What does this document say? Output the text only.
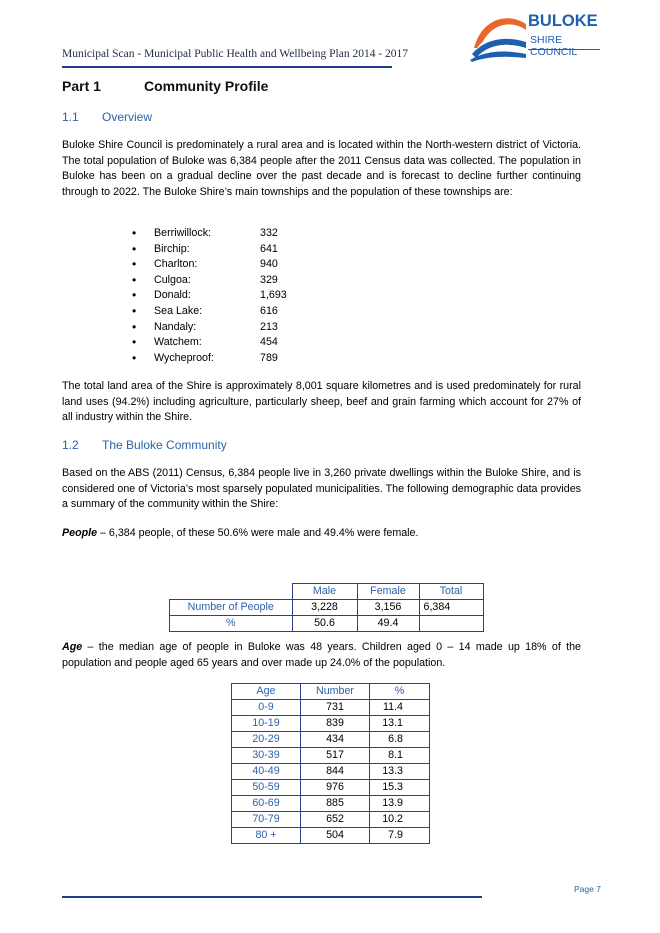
Municipal Scan - Municipal Public Health and Wellbeing Plan 2014 - 2017
BULOKE
SHIRE COUNCIL
Part 1	Community Profile
1.1 Overview
Buloke Shire Council is predominately a rural area and is located within the North-western district of Victoria. The total population of Buloke was 6,384 people after the 2011 Census data was collected. The population in Buloke has been on a gradual decline over the past decade and is forecast to decline further continuing through to 2022. The Buloke Shire’s main townships and the population of these townships are:
• Berriwillock:	332
• Birchip:	641
• Charlton:	940
• Culgoa:	329
• Donald:	1,693
• Sea Lake:	616
• Nandaly:	213
• Watchem:	454
• Wycheproof:	789
The total land area of the Shire is approximately 8,001 square kilometres and is used predominately for rural land uses (94.2%) including agriculture, particularly sheep, beef and grain farming which account for 27% of all industry within the Shire.
1.2 The Buloke Community
Based on the ABS (2011) Census, 6,384 people live in 3,260 private dwellings within the Buloke Shire, and is considered one of Victoria’s most sparsely populated municipalities. The following demographic data provides a summary of the community within the Shire:
People – 6,384 people, of these 50.6% were male and 49.4% were female.
	Male	Female	Total
Number of People	3,228	3,156	6,384
%	50.6	49.4	
Age – the median age of people in Buloke was 48 years. Children aged 0 – 14 made up 18% of the population and people aged 65 years and over made up 24.0% of the population.
Age	Number	%
0-9	731	11.4
10-19	839	13.1
20-29	434	6.8
30-39	517	8.1
40-49	844	13.3
50-59	976	15.3
60-69	885	13.9
70-79	652	10.2
80 +	504	7.9
Page 7
